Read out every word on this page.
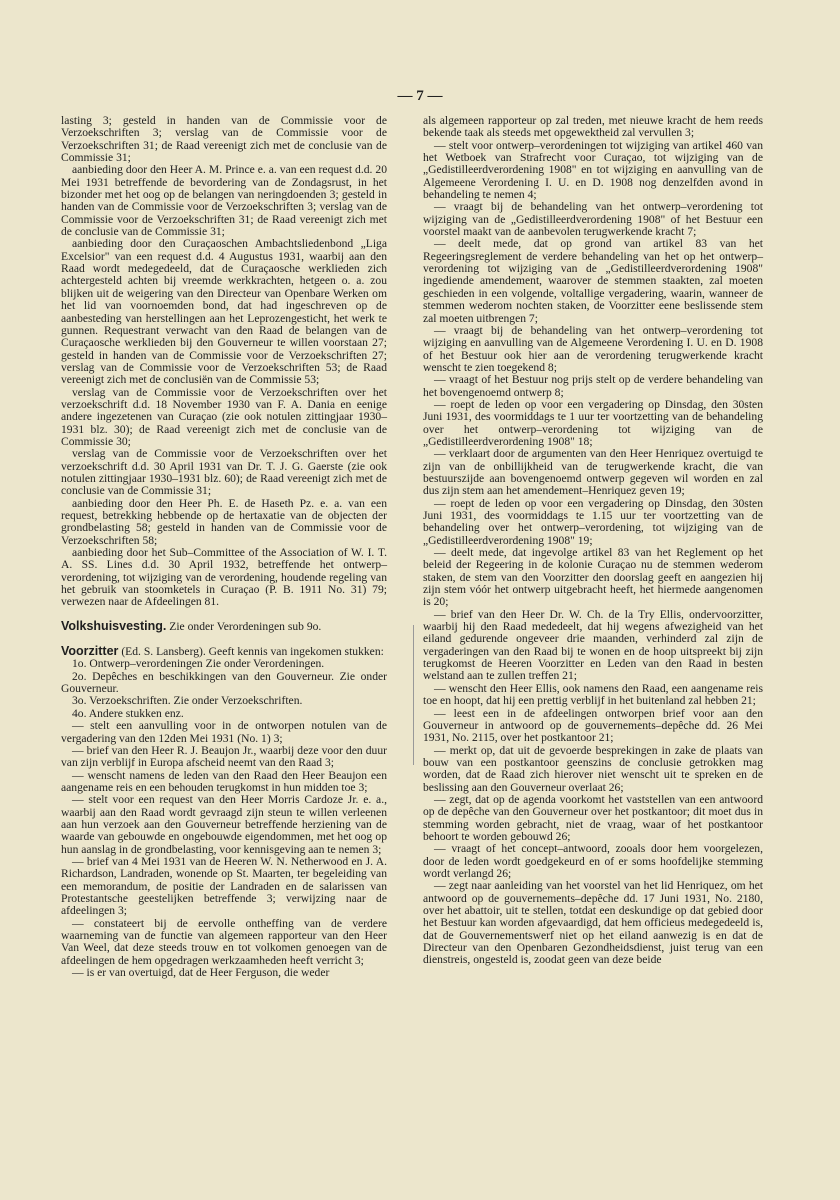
— 7 —

lasting 3; gesteld in handen van de Commissie voor de Verzoekschriften 3; verslag van de Commissie voor de Verzoekschriften 31; de Raad vereenigt zich met de conclusie van de Commissie 31;

aanbieding door den Heer A. M. Prince e. a. van een request d.d. 20 Mei 1931 betreffende de bevordering van de Zondagsrust, in het bizonder met het oog op de belangen van neringdoenden 3; gesteld in handen van de Commissie voor de Verzoekschriften 3; verslag van de Commissie voor de Verzoekschriften 31; de Raad vereenigt zich met de conclusie van de Commissie 31;

aanbieding door den Curaçaoschen Ambachtsliedenbond „Liga Excelsior" van een request d.d. 4 Augustus 1931, waarbij aan den Raad wordt medegedeeld, dat de Curaçaosche werklieden zich achtergesteld achten bij vreemde werkkrachten, hetgeen o. a. zou blijken uit de weigering van den Directeur van Openbare Werken om het lid van voornoemden bond, dat had ingeschreven op de aanbesteding van herstellingen aan het Leprozengesticht, het werk te gunnen. Requestrant verwacht van den Raad de belangen van de Curaçaosche werklieden bij den Gouverneur te willen voorstaan 27; gesteld in handen van de Commissie voor de Verzoekschriften 27; verslag van de Commissie voor de Verzoekschriften 53; de Raad vereenigt zich met de conclusiën van de Commissie 53;

verslag van de Commissie voor de Verzoekschriften over het verzoekschrift d.d. 18 November 1930 van F. A. Dania en eenige andere ingezetenen van Curaçao (zie ook notulen zittingjaar 1930–1931 blz. 30); de Raad vereenigt zich met de conclusie van de Commissie 30;

verslag van de Commissie voor de Verzoekschriften over het verzoekschrift d.d. 30 April 1931 van Dr. T. J. G. Gaerste (zie ook notulen zittingjaar 1930–1931 blz. 60); de Raad vereenigt zich met de conclusie van de Commissie 31;

aanbieding door den Heer Ph. E. de Haseth Pz. e. a. van een request, betrekking hebbende op de hertaxatie van de objecten der grondbelasting 58; gesteld in handen van de Commissie voor de Verzoekschriften 58;

aanbieding door het Sub–Committee of the Association of W. I. T. A. SS. Lines d.d. 30 April 1932, betreffende het ontwerp–verordening, tot wijziging van de verordening, houdende regeling van het gebruik van stoomketels in Curaçao (P. B. 1911 No. 31) 79; verwezen naar de Afdeelingen 81.

Volkshuisvesting. Zie onder Verordeningen sub 9o.

Voorzitter (Ed. S. Lansberg). Geeft kennis van ingekomen stukken:

1o. Ontwerp–verordeningen Zie onder Verordeningen.

2o. Depêches en beschikkingen van den Gouverneur. Zie onder Gouverneur.

3o. Verzoekschriften. Zie onder Verzoekschriften.

4o. Andere stukken enz.

— stelt een aanvulling voor in de ontworpen notulen van de vergadering van den 12den Mei 1931 (No. 1) 3;

— brief van den Heer R. J. Beaujon Jr., waarbij deze voor den duur van zijn verblijf in Europa afscheid neemt van den Raad 3;

— wenscht namens de leden van den Raad den Heer Beaujon een aangename reis en een behouden terugkomst in hun midden toe 3;

— stelt voor een request van den Heer Morris Cardoze Jr. e. a., waarbij aan den Raad wordt gevraagd zijn steun te willen verleenen aan hun verzoek aan den Gouverneur betreffende herziening van de waarde van gebouwde en ongebouwde eigendommen, met het oog op hun aanslag in de grondbelasting, voor kennisgeving aan te nemen 3;

— brief van 4 Mei 1931 van de Heeren W. N. Netherwood en J. A. Richardson, Landraden, wonende op St. Maarten, ter begeleiding van een memorandum, de positie der Landraden en de salarissen van Protestantsche geestelijken betreffende 3; verwijzing naar de afdeelingen 3;

— constateert bij de eervolle ontheffing van de verdere waarneming van de functie van algemeen rapporteur van den Heer Van Weel, dat deze steeds trouw en tot volkomen genoegen van de afdeelingen de hem opgedragen werkzaamheden heeft verricht 3;

— is er van overtuigd, dat de Heer Ferguson, die weder

als algemeen rapporteur op zal treden, met nieuwe kracht de hem reeds bekende taak als steeds met opgewektheid zal vervullen 3;

— stelt voor ontwerp–verordeningen tot wijziging van artikel 460 van het Wetboek van Strafrecht voor Curaçao, tot wijziging van de „Gedistilleerdverordening 1908" en tot wijziging en aanvulling van de Algemeene Verordening I. U. en D. 1908 nog denzelfden avond in behandeling te nemen 4;

— vraagt bij de behandeling van het ontwerp–verordening tot wijziging van de „Gedistilleerdverordening 1908" of het Bestuur een voorstel maakt van de aanbevolen terugwerkende kracht 7;

— deelt mede, dat op grond van artikel 83 van het Regeeringsreglement de verdere behandeling van het op het ontwerp–verordening tot wijziging van de „Gedistilleerdverordening 1908" ingediende amendement, waarover de stemmen staakten, zal moeten geschieden in een volgende, voltallige vergadering, waarin, wanneer de stemmen wederom nochten staken, de Voorzitter eene beslissende stem zal moeten uitbrengen 7;

— vraagt bij de behandeling van het ontwerp–verordening tot wijziging en aanvulling van de Algemeene Verordening I. U. en D. 1908 of het Bestuur ook hier aan de verordening terugwerkende kracht wenscht te zien toegekend 8;

— vraagt of het Bestuur nog prijs stelt op de verdere behandeling van het bovengenoemd ontwerp 8;

— roept de leden op voor een vergadering op Dinsdag, den 30sten Juni 1931, des voormiddags te 1 uur ter voortzetting van de behandeling over het ontwerp–verordening tot wijziging van de „Gedistilleerdverordening 1908" 18;

— verklaart door de argumenten van den Heer Henriquez overtuigd te zijn van de onbillijkheid van de terugwerkende kracht, die van bestuurszijde aan bovengenoemd ontwerp gegeven wil worden en zal dus zijn stem aan het amendement–Henriquez geven 19;

— roept de leden op voor een vergadering op Dinsdag, den 30sten Juni 1931, des voormiddags te 1.15 uur ter voortzetting van de behandeling over het ontwerp–verordening, tot wijziging van de „Gedistilleerdverordening 1908" 19;

— deelt mede, dat ingevolge artikel 83 van het Reglement op het beleid der Regeering in de kolonie Curaçao nu de stemmen wederom staken, de stem van den Voorzitter den doorslag geeft en aangezien hij zijn stem vóór het ontwerp uitgebracht heeft, het hiermede aangenomen is 20;

— brief van den Heer Dr. W. Ch. de la Try Ellis, ondervoorzitter, waarbij hij den Raad mededeelt, dat hij wegens afwezigheid van het eiland gedurende ongeveer drie maanden, verhinderd zal zijn de vergaderingen van den Raad bij te wonen en de hoop uitspreekt bij zijn terugkomst de Heeren Voorzitter en Leden van den Raad in besten welstand aan te zullen treffen 21;

— wenscht den Heer Ellis, ook namens den Raad, een aangename reis toe en hoopt, dat hij een prettig verblijf in het buitenland zal hebben 21;

— leest een in de afdeelingen ontworpen brief voor aan den Gouverneur in antwoord op de gouvernements–depêche dd. 26 Mei 1931, No. 2115, over het postkantoor 21;

— merkt op, dat uit de gevoerde besprekingen in zake de plaats van bouw van een postkantoor geenszins de conclusie getrokken mag worden, dat de Raad zich hierover niet wenscht uit te spreken en de beslissing aan den Gouverneur overlaat 26;

— zegt, dat op de agenda voorkomt het vaststellen van een antwoord op de depêche van den Gouverneur over het postkantoor; dit moet dus in stemming worden gebracht, niet de vraag, waar of het postkantoor behoort te worden gebouwd 26;

— vraagt of het concept–antwoord, zooals door hem voorgelezen, door de leden wordt goedgekeurd en of er soms hoofdelijke stemming wordt verlangd 26;

— zegt naar aanleiding van het voorstel van het lid Henriquez, om het antwoord op de gouvernements–depêche dd. 17 Juni 1931, No. 2180, over het abattoir, uit te stellen, totdat een deskundige op dat gebied door het Bestuur kan worden afgevaardigd, dat hem officieus medegedeeld is, dat de Gouvernementswerf niet op het eiland aanwezig is en dat de Directeur van den Openbaren Gezondheidsdienst, juist terug van een dienstreis, ongesteld is, zoodat geen van deze beide
